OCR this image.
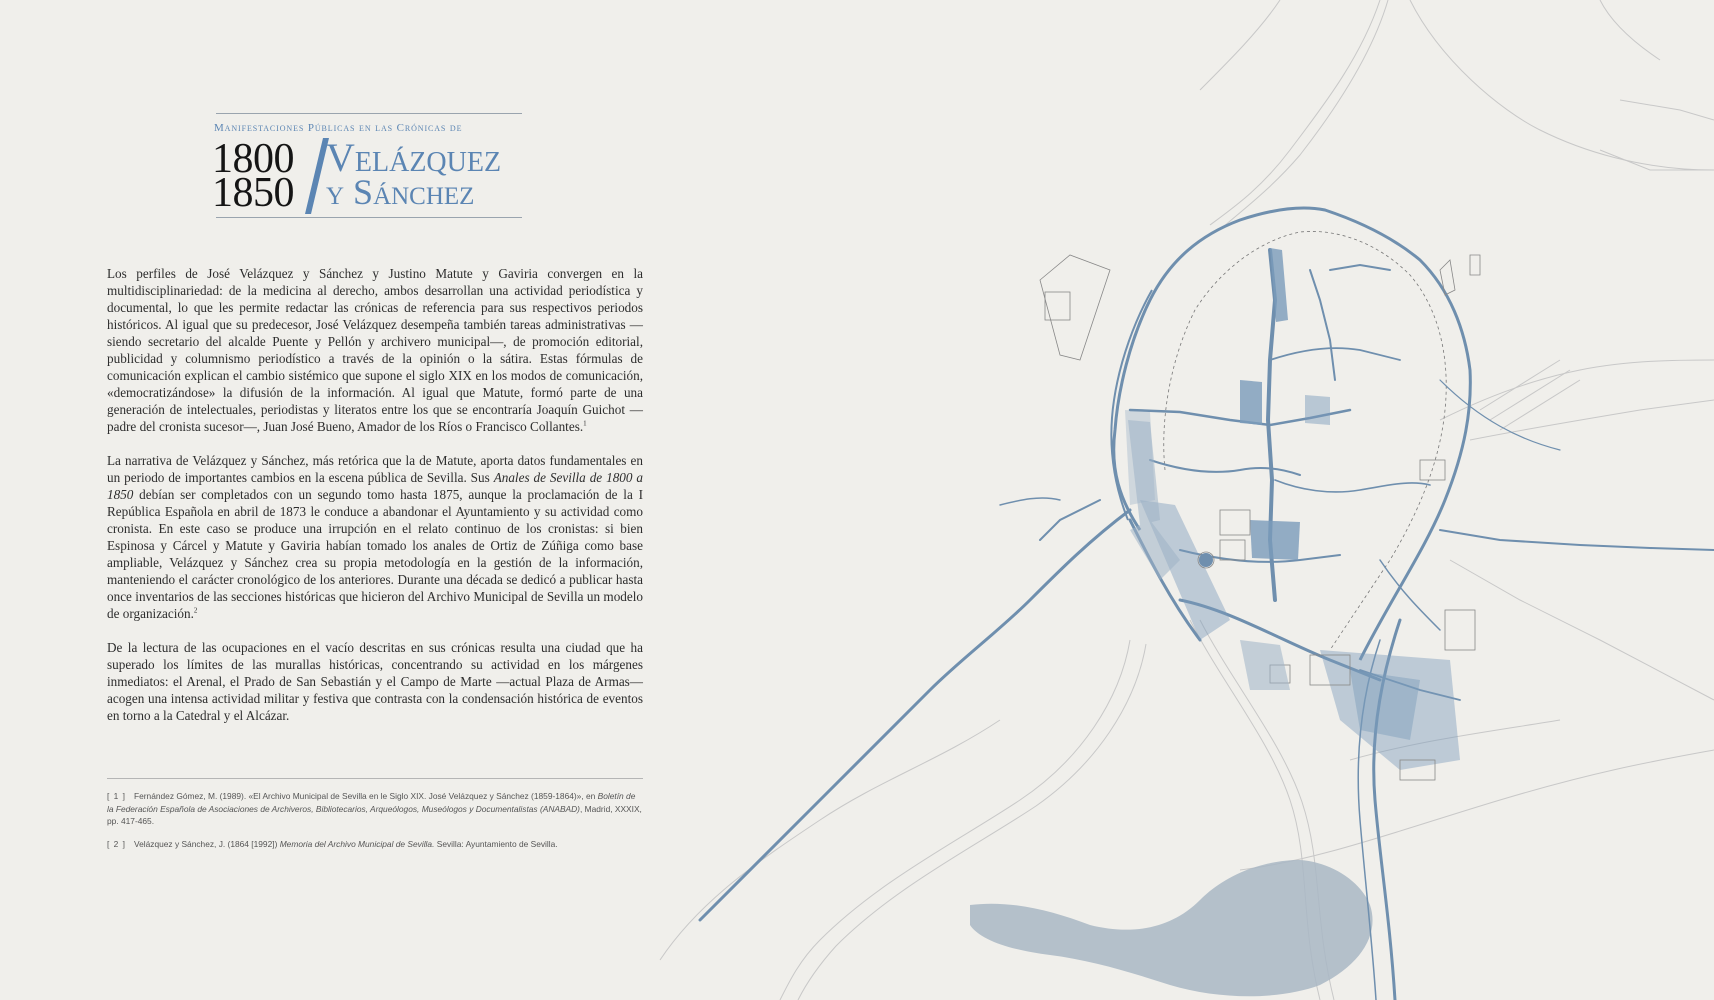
Manifestaciones Públicas en las Crónicas de
1800
1850
Velázquez
y Sánchez

Los perfiles de José Velázquez y Sánchez y Justino Matute y Gaviria convergen en la multidisciplinariedad: de la medicina al derecho, ambos desarrollan una actividad periodística y documental, lo que les permite redactar las crónicas de referencia para sus respectivos periodos históricos. Al igual que su predecesor, José Velázquez desempeña también tareas administrativas —siendo secretario del alcalde Puente y Pellón y archivero municipal—, de promoción editorial, publicidad y columnismo periodístico a través de la opinión o la sátira. Estas fórmulas de comunicación explican el cambio sistémico que supone el siglo XIX en los modos de comunicación, «democratizándose» la difusión de la información. Al igual que Matute, formó parte de una generación de intelectuales, periodistas y literatos entre los que se encontraría Joaquín Guichot —padre del cronista sucesor—, Juan José Bueno, Amador de los Ríos o Francisco Collantes.$^1$

La narrativa de Velázquez y Sánchez, más retórica que la de Matute, aporta datos fundamentales en un periodo de importantes cambios en la escena pública de Sevilla. Sus Anales de Sevilla de 1800 a 1850 debían ser completados con un segundo tomo hasta 1875, aunque la proclamación de la I República Española en abril de 1873 le conduce a abandonar el Ayuntamiento y su actividad como cronista. En este caso se produce una irrupción en el relato continuo de los cronistas: si bien Espinosa y Cárcel y Matute y Gaviria habían tomado los anales de Ortiz de Zúñiga como base ampliable, Velázquez y Sánchez crea su propia metodología en la gestión de la información, manteniendo el carácter cronológico de los anteriores. Durante una década se dedicó a publicar hasta once inventarios de las secciones históricas que hicieron del Archivo Municipal de Sevilla un modelo de organización.$^2$

De la lectura de las ocupaciones en el vacío descritas en sus crónicas resulta una ciudad que ha superado los límites de las murallas históricas, concentrando su actividad en los márgenes inmediatos: el Arenal, el Prado de San Sebastián y el Campo de Marte —actual Plaza de Armas— acogen una intensa actividad militar y festiva que contrasta con la condensación histórica de eventos en torno a la Catedral y el Alcázar.

[ 1 ] Fernández Gómez, M. (1989). «El Archivo Municipal de Sevilla en le Siglo XIX. José Velázquez y Sánchez (1859-1864)», en Boletín de la Federación Española de Asociaciones de Archiveros, Bibliotecarios, Arqueólogos, Museólogos y Documentalistas (ANABAD), Madrid, XXXIX, pp. 417-465.

[ 2 ] Velázquez y Sánchez, J. (1864 [1992]) Memoria del Archivo Municipal de Sevilla. Sevilla: Ayuntamiento de Sevilla.
